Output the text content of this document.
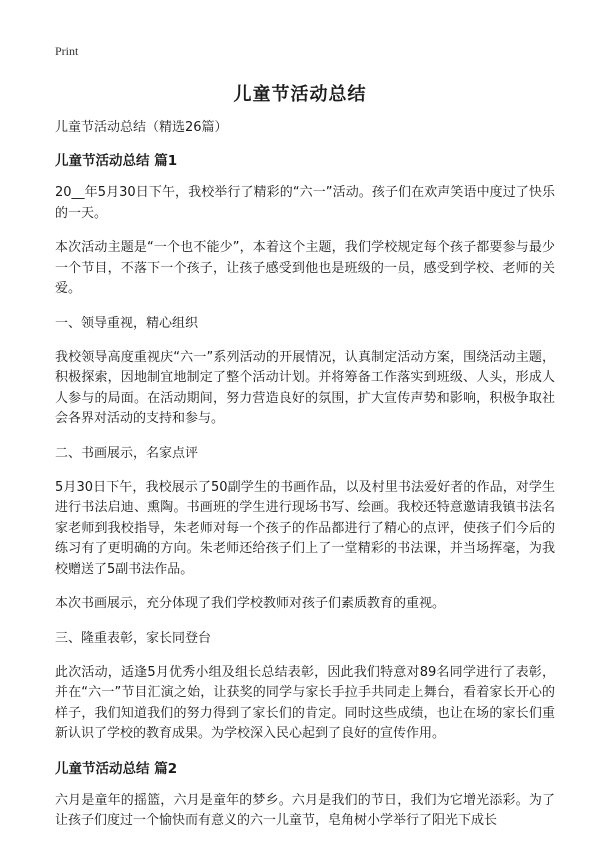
Print
儿童节活动总结
儿童节活动总结（精选26篇）
儿童节活动总结 篇1
20__年5月30日下午，我校举行了精彩的“六一”活动。孩子们在欢声笑语中度过了快乐的一天。
本次活动主题是“一个也不能少”，本着这个主题，我们学校规定每个孩子都要参与最少一个节目，不落下一个孩子，让孩子感受到他也是班级的一员，感受到学校、老师的关爱。
一、领导重视，精心组织
我校领导高度重视庆“六一”系列活动的开展情况，认真制定活动方案，围绕活动主题，积极探索，因地制宜地制定了整个活动计划。并将筹备工作落实到班级、人头，形成人人参与的局面。在活动期间，努力营造良好的氛围，扩大宣传声势和影响，积极争取社会各界对活动的支持和参与。
二、书画展示，名家点评
5月30日下午，我校展示了50副学生的书画作品，以及村里书法爱好者的作品，对学生进行书法启迪、熏陶。书画班的学生进行现场书写、绘画。我校还特意邀请我镇书法名家老师到我校指导，朱老师对每一个孩子的作品都进行了精心的点评，使孩子们今后的练习有了更明确的方向。朱老师还给孩子们上了一堂精彩的书法课，并当场挥毫，为我校赠送了5副书法作品。
本次书画展示，充分体现了我们学校教师对孩子们素质教育的重视。
三、隆重表彰，家长同登台
此次活动，适逢5月优秀小组及组长总结表彰，因此我们特意对89名同学进行了表彰，并在“六一”节目汇演之始，让获奖的同学与家长手拉手共同走上舞台，看着家长开心的样子，我们知道我们的努力得到了家长们的肯定。同时这些成绩，也让在场的家长们重新认识了学校的教育成果。为学校深入民心起到了良好的宣传作用。
儿童节活动总结 篇2
六月是童年的摇篮，六月是童年的梦乡。六月是我们的节日，我们为它增光添彩。为了让孩子们度过一个愉快而有意义的六一儿童节，皂角树小学举行了阳光下成长
